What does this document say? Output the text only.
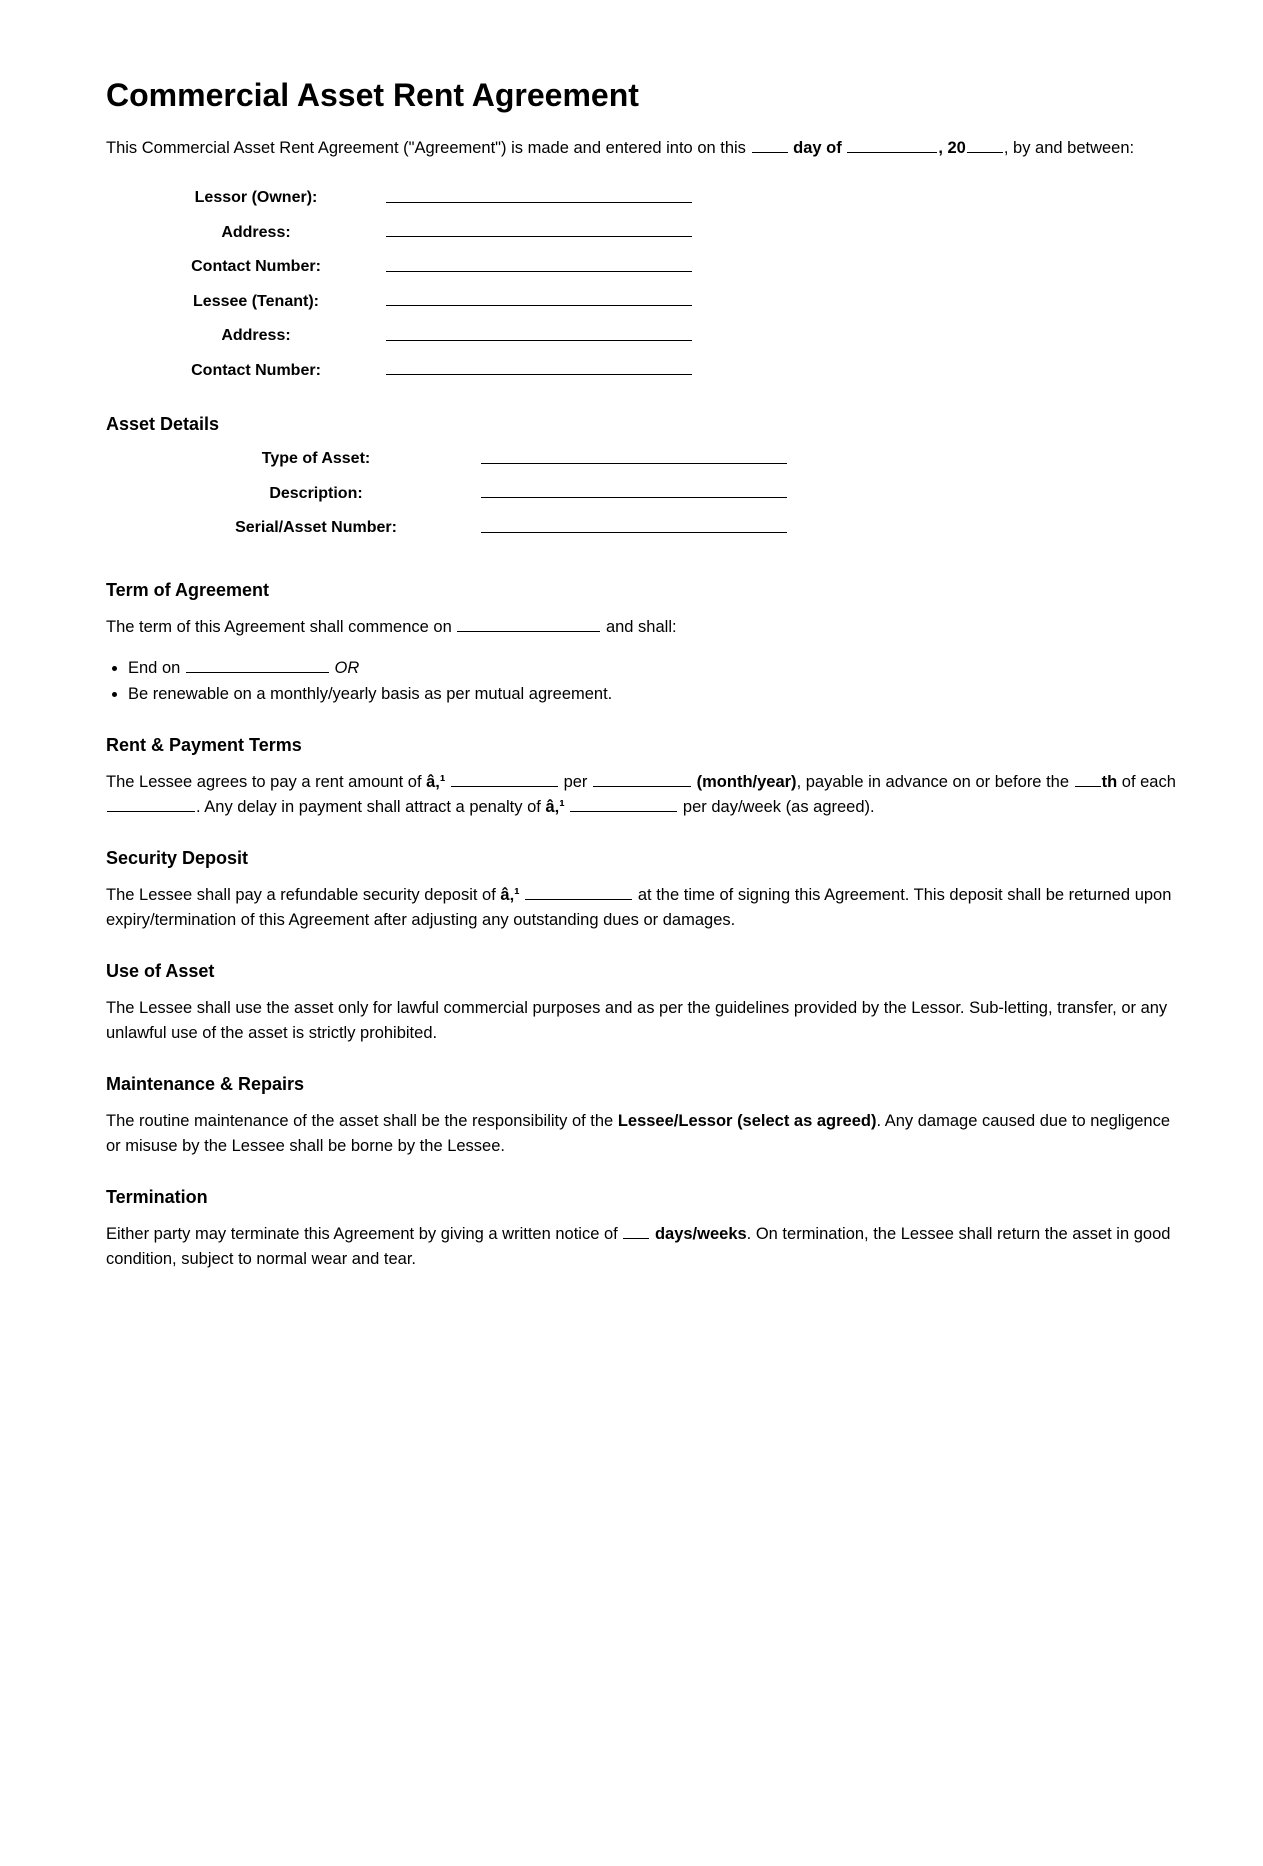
Commercial Asset Rent Agreement

This Commercial Asset Rent Agreement ("Agreement") is made and entered into on this	day of	, 20 , by and between:

Lessor (Owner):	

Address:	

Contact Number:	

Lessee (Tenant):	

Address:	

Contact Number:	
Asset Details
Type of Asset:	

Description:	

Serial/Asset Number:	
Term of Agreement

The term of this Agreement shall commence on	and shall:

• End on	OR
• Be renewable on a monthly/yearly basis as per mutual agreement.
Rent & Payment Terms

The Lessee agrees to pay a rent amount of â‚¹	per	(month/year), payable in advance on or before the th of each . Any delay in payment shall attract a penalty of â‚¹	per day/week (as agreed).

Security Deposit

The Lessee shall pay a refundable security deposit of â‚¹	at the time of signing this Agreement. This deposit shall be returned upon expiry/termination of this Agreement after adjusting any outstanding dues or damages.

Use of Asset

The Lessee shall use the asset only for lawful commercial purposes and as per the guidelines provided by the Lessor. Sub-letting, transfer, or any unlawful use of the asset is strictly prohibited.

Maintenance & Repairs

The routine maintenance of the asset shall be the responsibility of the Lessee/Lessor (select as agreed). Any damage caused due to negligence or misuse by the Lessee shall be borne by the Lessee.

Termination

Either party may terminate this Agreement by giving a written notice of days/weeks. On termination, the Lessee shall return the asset in good condition, subject to normal wear and tear.
